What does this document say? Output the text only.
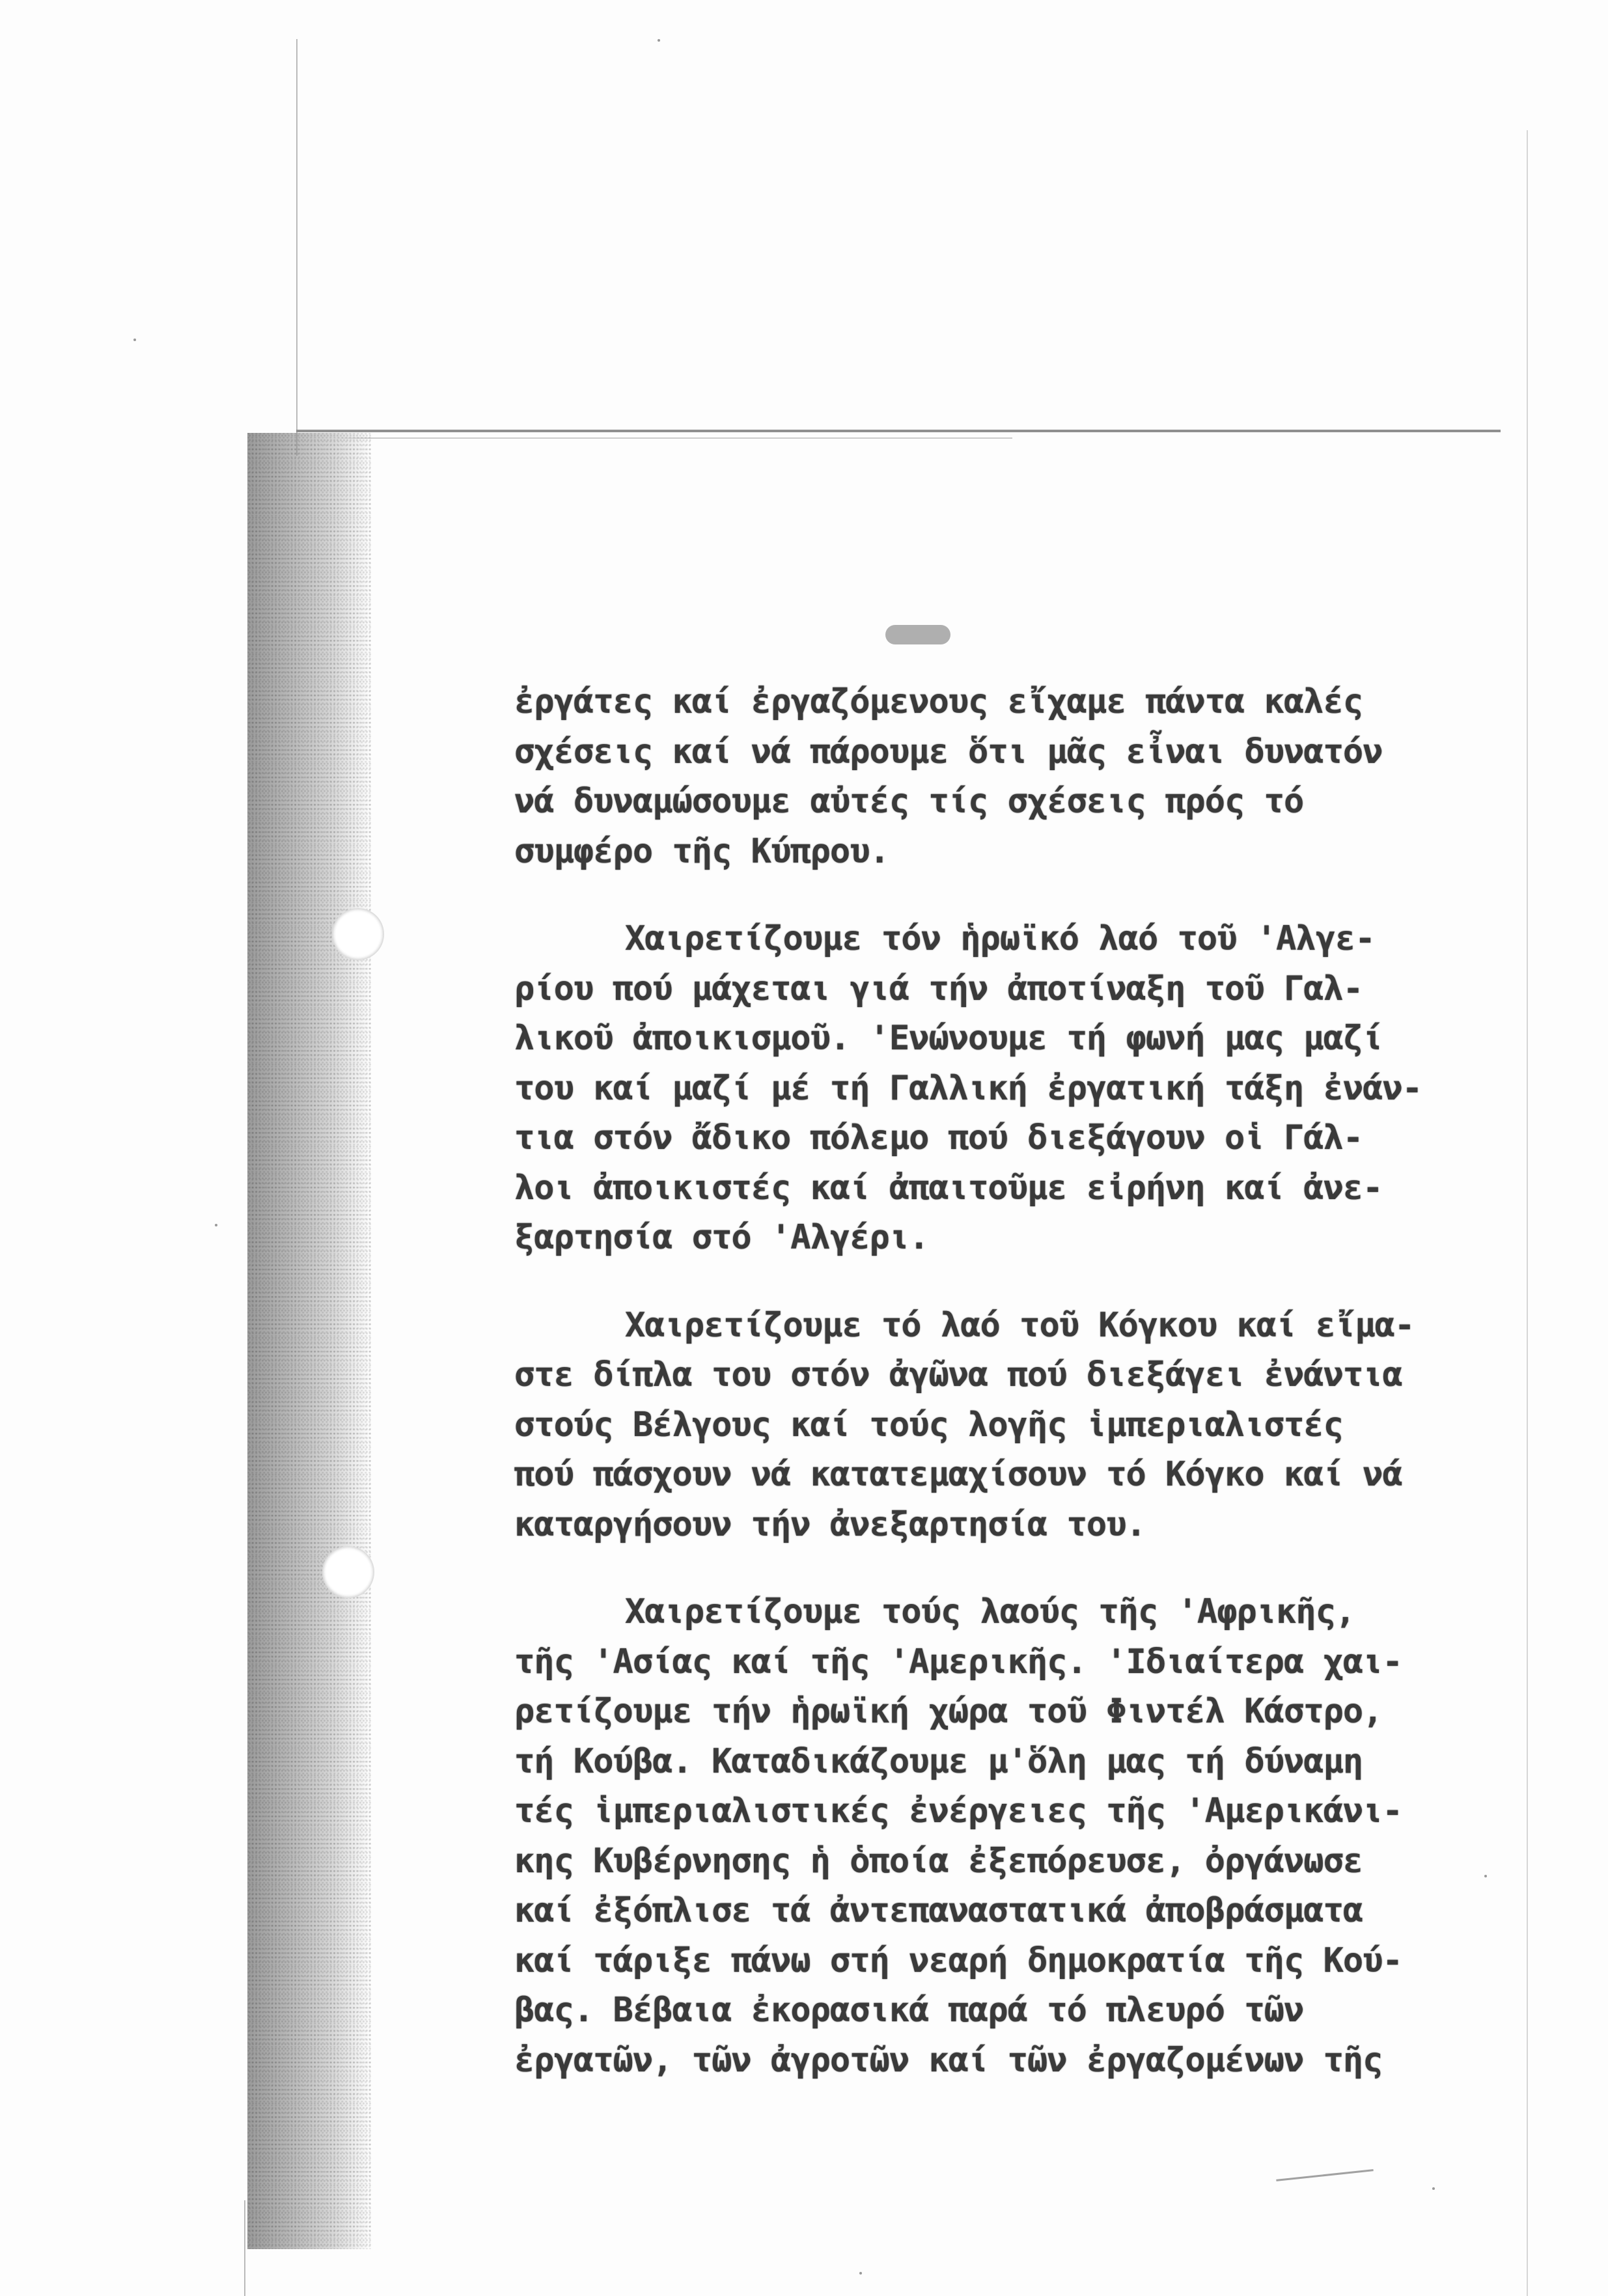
ἐργάτες καί ἐργαζόμενους εἴχαμε πάντα καλές
σχέσεις καί νά πάρουμε ὅτι μᾶς εἶναι δυνατόν
νά δυναμώσουμε αὐτές τίς σχέσεις πρός τό
συμφέρο τῆς Κύπρου.
Χαιρετίζουμε τόν ἡρωϊκό λαό τοῦ 'Αλγε-
ρίου πού μάχεται γιά τήν ἀποτίναξη τοῦ Γαλ-
λικοῦ ἀποικισμοῦ. 'Ενώνουμε τή φωνή μας μαζί
του καί μαζί μέ τή Γαλλική ἐργατική τάξη ἐνάν-
τια στόν ἄδικο πόλεμο πού διεξάγουν οἱ Γάλ-
λοι ἀποικιστές καί ἀπαιτοῦμε εἰρήνη καί ἀνε-
ξαρτησία στό 'Αλγέρι.
Χαιρετίζουμε τό λαό τοῦ Κόγκου καί εἴμα-
στε δίπλα του στόν ἀγῶνα πού διεξάγει ἐνάντια
στούς Βέλγους καί τούς λογῆς ἱμπεριαλιστές
πού πάσχουν νά κατατεμαχίσουν τό Κόγκο καί νά
καταργήσουν τήν ἀνεξαρτησία του.
Χαιρετίζουμε τούς λαούς τῆς 'Αφρικῆς,
τῆς 'Ασίας καί τῆς 'Αμερικῆς. 'Ιδιαίτερα χαι-
ρετίζουμε τήν ἡρωϊκή χώρα τοῦ Φιντέλ Κάστρο,
τή Κούβα. Καταδικάζουμε μ'ὅλη μας τή δύναμη
τές ἱμπεριαλιστικές ἐνέργειες τῆς 'Αμερικάνι-
κης Κυβέρνησης ἡ ὁποία ἐξεπόρευσε, ὀργάνωσε
καί ἐξόπλισε τά ἀντεπαναστατικά ἀποβράσματα
καί τάριξε πάνω στή νεαρή δημοκρατία τῆς Κού-
βας. Βέβαια ἐκορασικά παρά τό πλευρό τῶν
ἐργατῶν, τῶν ἀγροτῶν καί τῶν ἐργαζομένων τῆς
